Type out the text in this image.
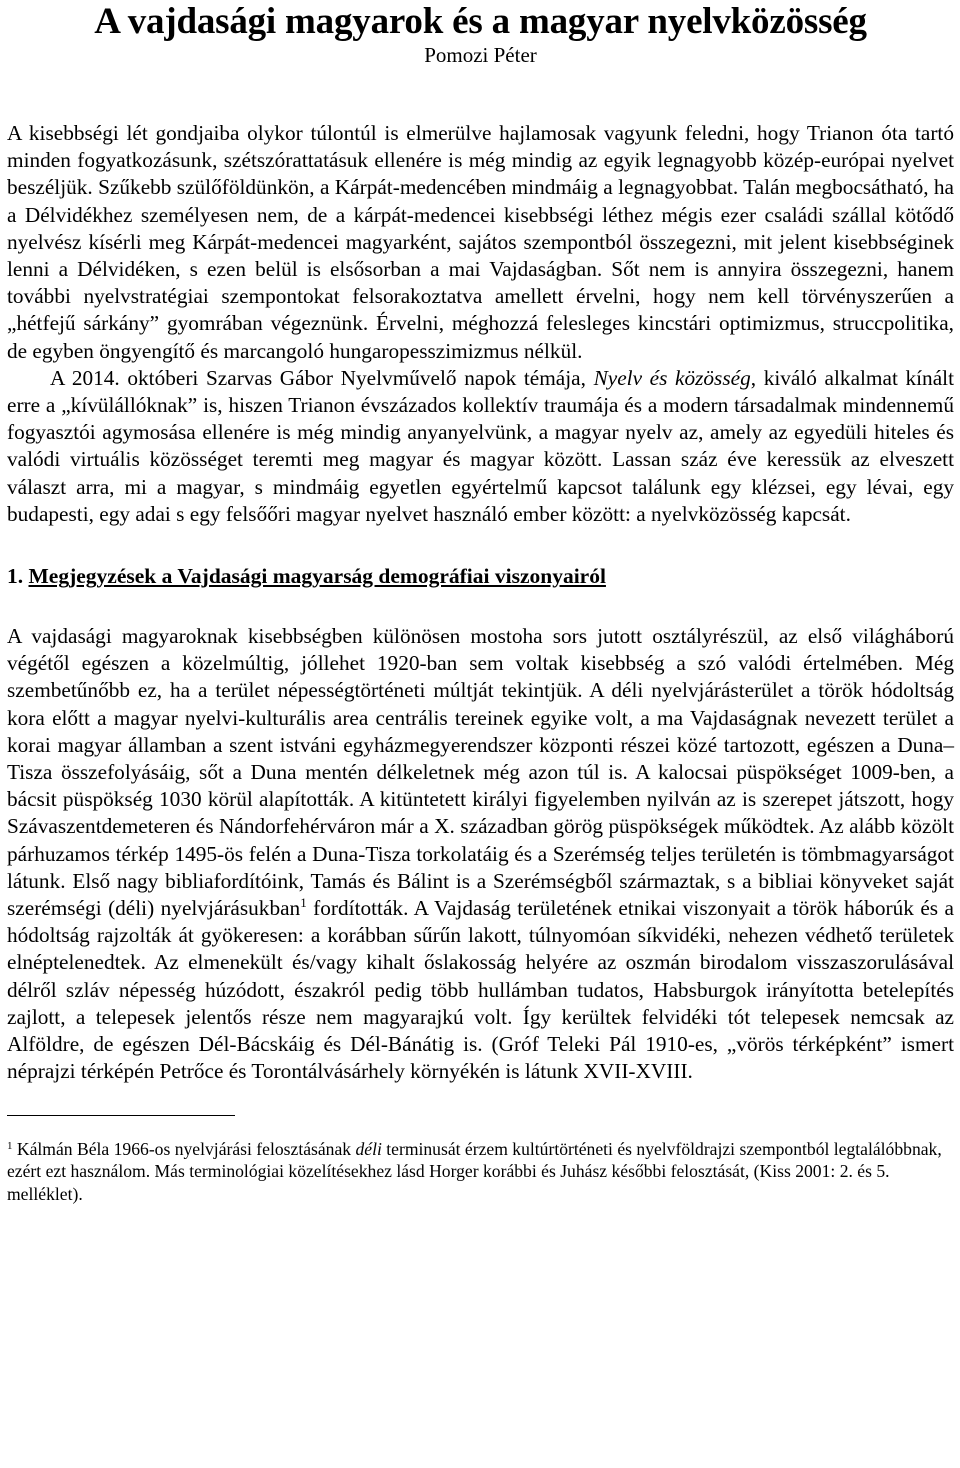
A vajdasági magyarok és a magyar nyelvközösség
Pomozi Péter

A kisebbségi lét gondjaiba olykor túlontúl is elmerülve hajlamosak vagyunk feledni, hogy Trianon óta tartó minden fogyatkozásunk, szétszórattatásuk ellenére is még mindig az egyik legnagyobb közép-európai nyelvet beszéljük. Szűkebb szülőföldünkön, a Kárpát-medencében mindmáig a legnagyobbat. Talán megbocsátható, ha a Délvidékhez személyesen nem, de a kárpát-medencei kisebbségi léthez mégis ezer családi szállal kötődő nyelvész kísérli meg Kárpát-medencei magyarként, sajátos szempontból összegezni, mit jelent kisebbséginek lenni a Délvidéken, s ezen belül is elsősorban a mai Vajdaságban. Sőt nem is annyira összegezni, hanem további nyelvstratégiai szempontokat felsorakoztatva amellett érvelni, hogy nem kell törvényszerűen a „hétfejű sárkány” gyomrában végeznünk. Érvelni, méghozzá felesleges kincstári optimizmus, struccpolitika, de egyben öngyengítő és marcangoló hungaropesszimizmus nélkül.

A 2014. októberi Szarvas Gábor Nyelvművelő napok témája, Nyelv és közösség, kiváló alkalmat kínált erre a „kívülállóknak” is, hiszen Trianon évszázados kollektív traumája és a modern társadalmak mindennemű fogyasztói agymosása ellenére is még mindig anyanyelvünk, a magyar nyelv az, amely az egyedüli hiteles és valódi virtuális közösséget teremti meg magyar és magyar között. Lassan száz éve keressük az elveszett választ arra, mi a magyar, s mindmáig egyetlen egyértelmű kapcsot találunk egy klézsei, egy lévai, egy budapesti, egy adai s egy felsőőri magyar nyelvet használó ember között: a nyelvközösség kapcsát.

1. Megjegyzések a Vajdasági magyarság demográfiai viszonyairól

A vajdasági magyaroknak kisebbségben különösen mostoha sors jutott osztályrészül, az első világháború végétől egészen a közelmúltig, jóllehet 1920-ban sem voltak kisebbség a szó valódi értelmében. Még szembetűnőbb ez, ha a terület népességtörténeti múltját tekintjük. A déli nyelvjárásterület a török hódoltság kora előtt a magyar nyelvi-kulturális area centrális tereinek egyike volt, a ma Vajdaságnak nevezett terület a korai magyar államban a szent istváni egyházmegyerendszer központi részei közé tartozott, egészen a Duna–Tisza összefolyásáig, sőt a Duna mentén délkeletnek még azon túl is. A kalocsai püspökséget 1009-ben, a bácsit püspökség 1030 körül alapították. A kitüntetett királyi figyelemben nyilván az is szerepet játszott, hogy Szávaszentdemeteren és Nándorfehérváron már a X. században görög püspökségek működtek. Az alább közölt párhuzamos térkép 1495-ös felén a Duna-Tisza torkolatáig és a Szerémség teljes területén is tömbmagyarságot látunk. Első nagy bibliafordítóink, Tamás és Bálint is a Szerémségből származtak, s a bibliai könyveket saját szerémségi (déli) nyelvjárásukban$^1$ fordították. A Vajdaság területének etnikai viszonyait a török háborúk és a hódoltság rajzolták át gyökeresen: a korábban sűrűn lakott, túlnyomóan síkvidéki, nehezen védhető területek elnéptelenedtek. Az elmenekült és/vagy kihalt őslakosság helyére az oszmán birodalom visszaszorulásával délről szláv népesség húzódott, északról pedig több hullámban tudatos, Habsburgok irányította betelepítés zajlott, a telepesek jelentős része nem magyarajkú volt. Így kerültek felvidéki tót telepesek nemcsak az Alföldre, de egészen Dél-Bácskáig és Dél-Bánátig is. (Gróf Teleki Pál 1910-es, „vörös térképként” ismert néprajzi térképén Petrőce és Torontálvásárhely környékén is látunk XVII-XVIII.

$^1$ Kálmán Béla 1966-os nyelvjárási felosztásának déli terminusát érzem kultúrtörténeti és nyelvföldrajzi szempontból legtalálóbbnak, ezért ezt használom. Más terminológiai közelítésekhez lásd Horger korábbi és Juhász későbbi felosztását, (Kiss 2001: 2. és 5. melléklet).
